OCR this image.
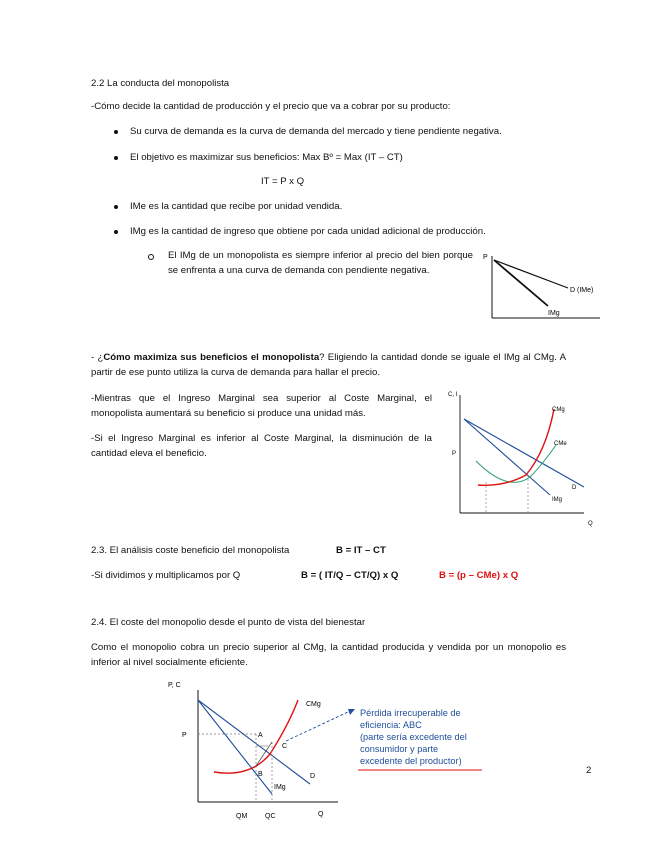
2.2 La conducta del monopolista
-Cómo decide la cantidad de producción y el precio que va a cobrar por su producto:
Su curva de demanda es la curva de demanda del mercado y tiene pendiente negativa.
El objetivo es maximizar sus beneficios: Max Bº = Max (IT – CT)
IT = P x Q
IMe es la cantidad que recibe por unidad vendida.
IMg es la cantidad de ingreso que obtiene por cada unidad adicional de producción.
El IMg de un monopolista es siempre inferior al precio del bien porque se enfrenta a una curva de demanda con pendiente negativa.
P
D (IMe)
IMg
- ¿Cómo maximiza sus beneficios el monopolista? Eligiendo la cantidad donde se iguale el IMg al CMg. A partir de ese punto utiliza la curva de demanda para hallar el precio.
-Mientras que el Ingreso Marginal sea superior al Coste Marginal, el monopolista aumentará su beneficio si produce una unidad más.
-Si el Ingreso Marginal es inferior al Coste Marginal, la disminución de la cantidad eleva el beneficio.
C, I
Q
P
CMg
CMe
D
IMg
2.3. El análisis coste beneficio del monopolista	B = IT – CT
-Si dividimos y multiplicamos por Q	B = ( IT/Q – CT/Q) x Q	B = (p – CMe) x Q
2.4. El coste del monopolio desde el punto de vista del bienestar
Como el monopolio cobra un precio superior al CMg, la cantidad producida y vendida por un monopolio es inferior al nivel socialmente eficiente.
P, C
Q
P
CMg
A
B
C
D
IMg
QM	QC
Pérdida irrecuperable de
eficiencia: ABC
(parte sería excedente del
consumidor y parte
excedente del productor)
2
